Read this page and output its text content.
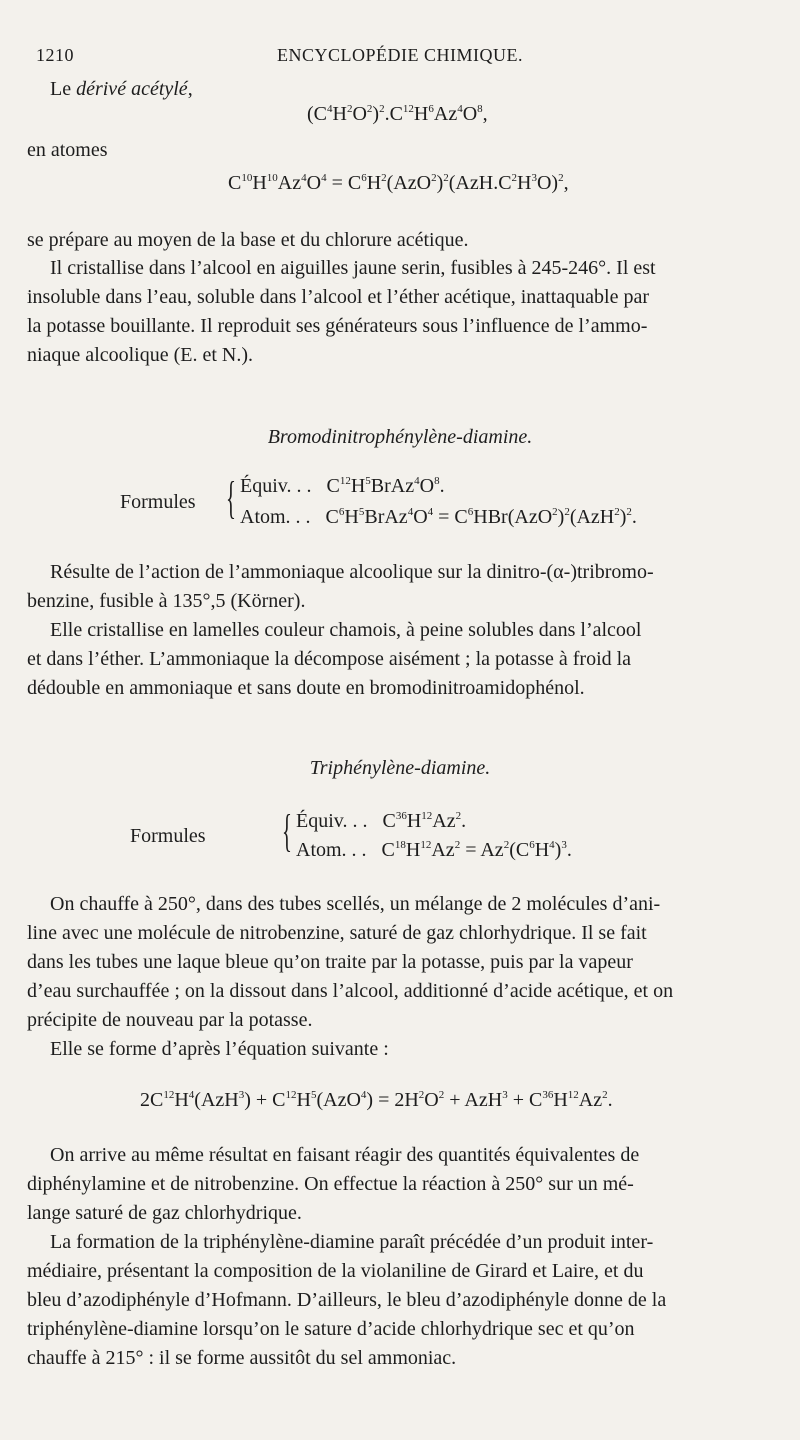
1210	ENCYCLOPÉDIE CHIMIQUE.
Le dérivé acétylé,
$(C^4H^2O^2)^2.C^{12}H^6Az^4O^8$,
en atomes
$C^{10}H^{10}Az^4O^4 = C^6H^2(AzO^2)^2(AzH.C^2H^3O)^2$,
se prépare au moyen de la base et du chlorure acétique.
Il cristallise dans l’alcool en aiguilles jaune serin, fusibles à 245-246°. Il est
insoluble dans l’eau, soluble dans l’alcool et l’éther acétique, inattaquable par
la potasse bouillante. Il reproduit ses générateurs sous l’influence de l’ammo-
niaque alcoolique (E. et N.).
Bromodinitrophénylène-diamine.
Formules { Équiv. . .   $C^{12}H^5BrAz^4O^8$.
Atom. . .   $C^6H^5BrAz^4O^4 = C^6HBr(AzO^2)^2(AzH^2)^2$.
Résulte de l’action de l’ammoniaque alcoolique sur la dinitro-(α-)tribromo-
benzine, fusible à 135°,5 (Körner).
Elle cristallise en lamelles couleur chamois, à peine solubles dans l’alcool
et dans l’éther. L’ammoniaque la décompose aisément ; la potasse à froid la
dédouble en ammoniaque et sans doute en bromodinitroamidophénol.
Triphénylène-diamine.
Formules { Équiv. . .   $C^{36}H^{12}Az^2$.
Atom. . .   $C^{18}H^{12}Az^2 = Az^2(C^6H^4)^3$.
On chauffe à 250°, dans des tubes scellés, un mélange de 2 molécules d’ani-
line avec une molécule de nitrobenzine, saturé de gaz chlorhydrique. Il se fait
dans les tubes une laque bleue qu’on traite par la potasse, puis par la vapeur
d’eau surchauffée ; on la dissout dans l’alcool, additionné d’acide acétique, et on
précipite de nouveau par la potasse.
Elle se forme d’après l’équation suivante :
$2C^{12}H^4(AzH^3) + C^{12}H^5(AzO^4) = 2H^2O^2 + AzH^3 + C^{36}H^{12}Az^2$.
On arrive au même résultat en faisant réagir des quantités équivalentes de
diphénylamine et de nitrobenzine. On effectue la réaction à 250° sur un mé-
lange saturé de gaz chlorhydrique.
La formation de la triphénylène-diamine paraît précédée d’un produit inter-
médiaire, présentant la composition de la violaniline de Girard et Laire, et du
bleu d’azodiphényle d’Hofmann. D’ailleurs, le bleu d’azodiphényle donne de la
triphénylène-diamine lorsqu’on le sature d’acide chlorhydrique sec et qu’on
chauffe à 215° : il se forme aussitôt du sel ammoniac.
